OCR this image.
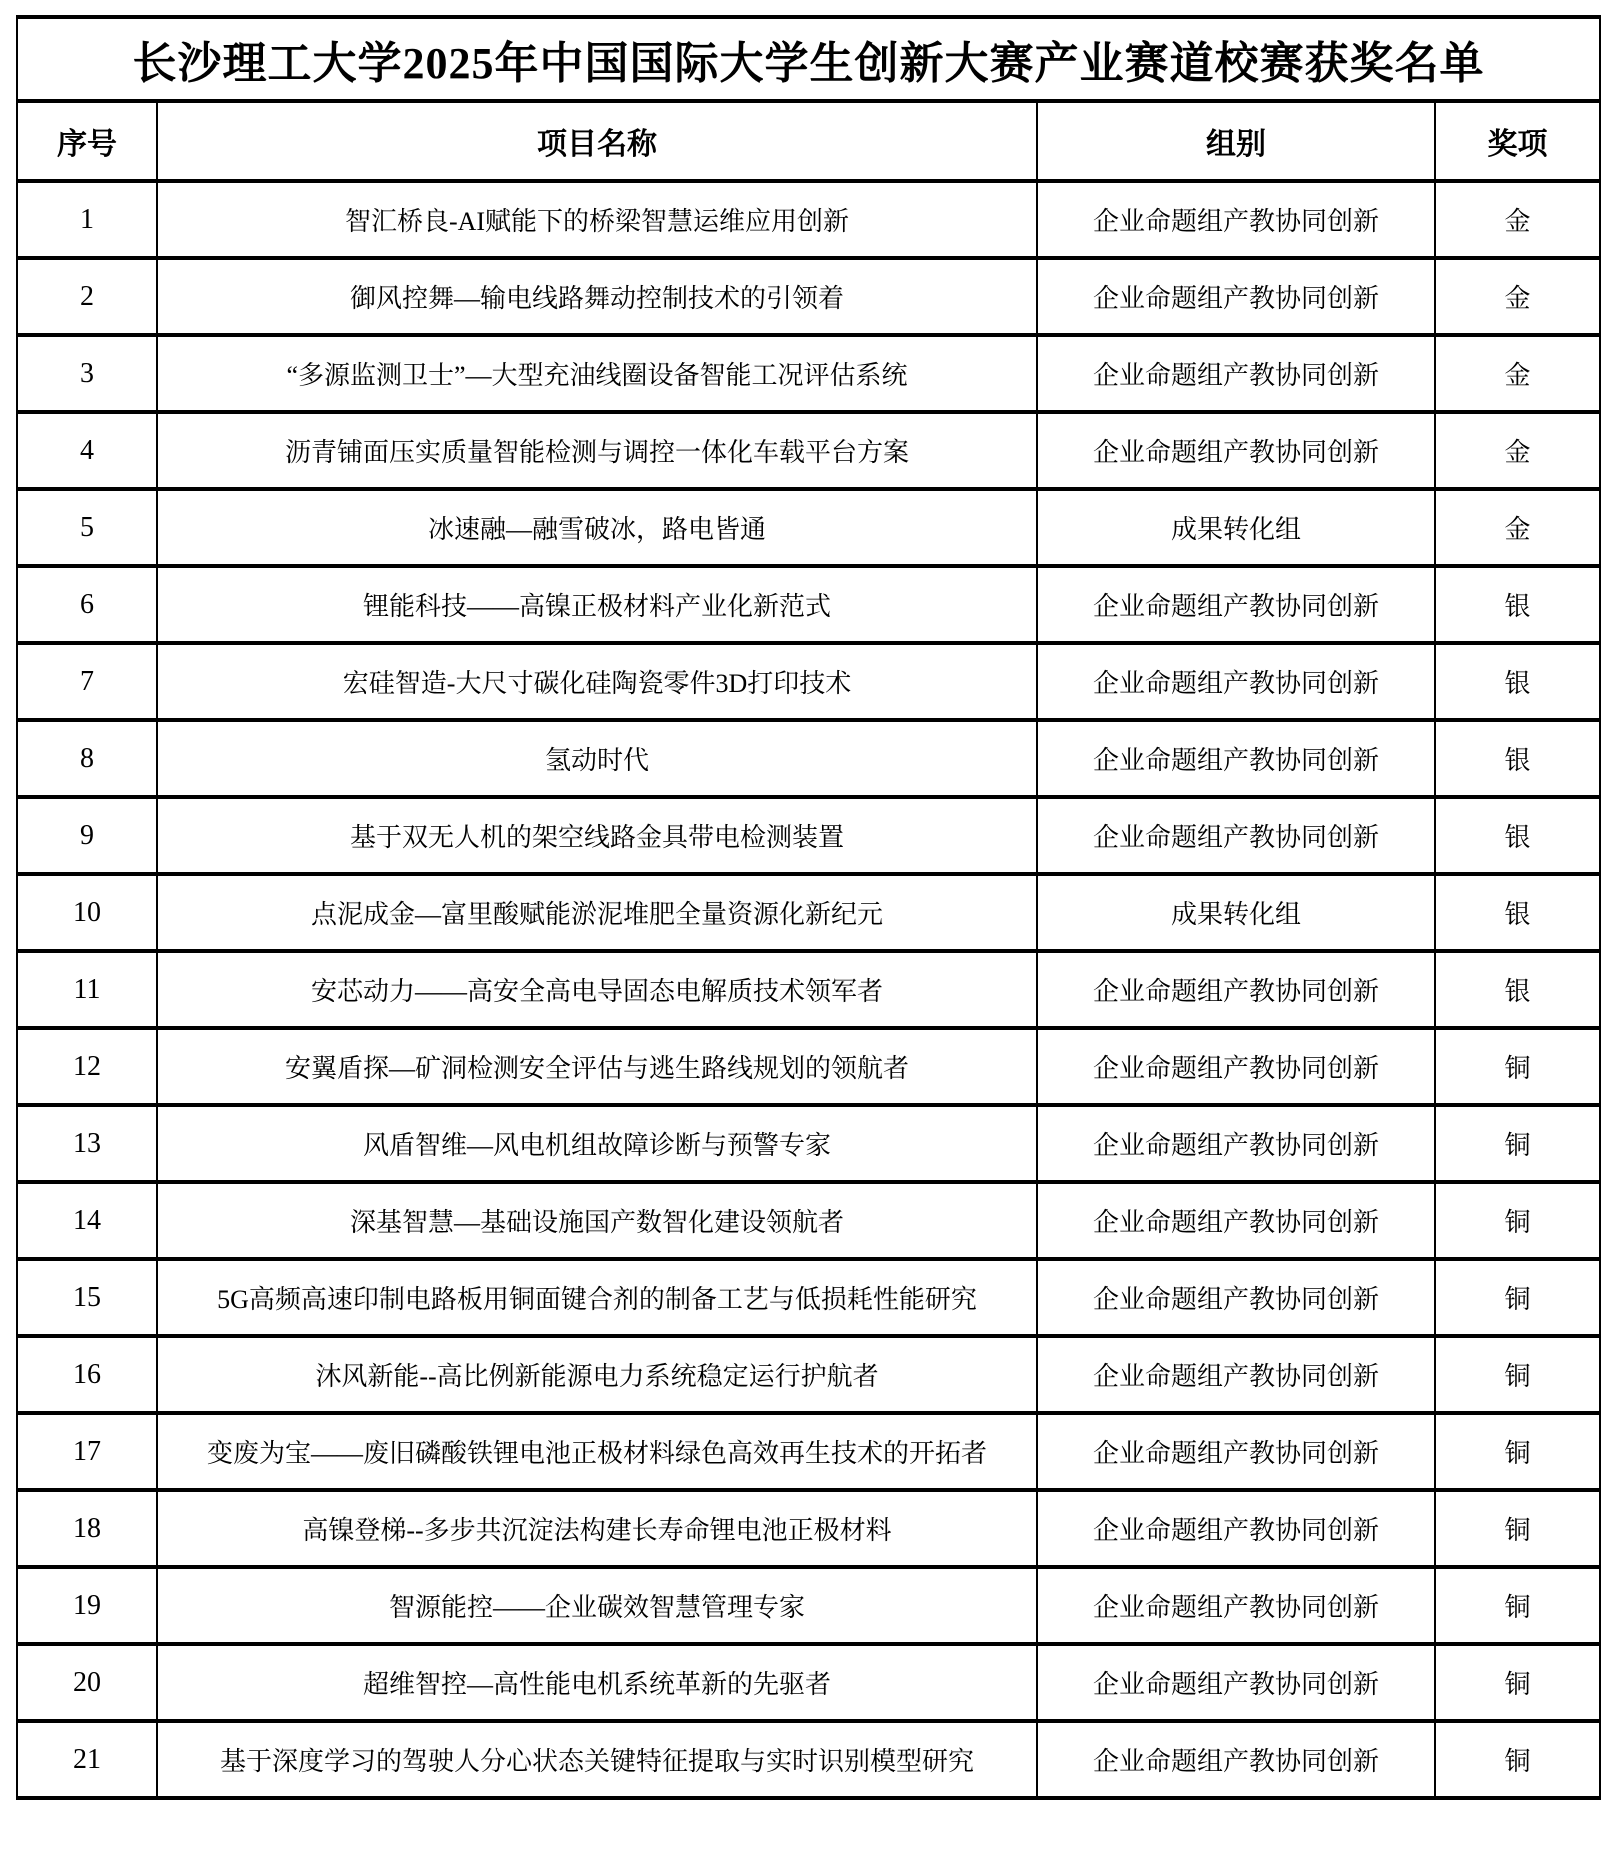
长沙理工大学2025年中国国际大学生创新大赛产业赛道校赛获奖名单			
序号	项目名称	组别	奖项
1	智汇桥良-AI赋能下的桥梁智慧运维应用创新	企业命题组产教协同创新	金
2	御风控舞—输电线路舞动控制技术的引领着	企业命题组产教协同创新	金
3	“多源监测卫士”—大型充油线圈设备智能工况评估系统	企业命题组产教协同创新	金
4	沥青铺面压实质量智能检测与调控一体化车载平台方案	企业命题组产教协同创新	金
5	冰速融—融雪破冰，路电皆通	成果转化组	金
6	锂能科技——高镍正极材料产业化新范式	企业命题组产教协同创新	银
7	宏硅智造-大尺寸碳化硅陶瓷零件3D打印技术	企业命题组产教协同创新	银
8	氢动时代	企业命题组产教协同创新	银
9	基于双无人机的架空线路金具带电检测装置	企业命题组产教协同创新	银
10	点泥成金—富里酸赋能淤泥堆肥全量资源化新纪元	成果转化组	银
11	安芯动力——高安全高电导固态电解质技术领军者	企业命题组产教协同创新	银
12	安翼盾探—矿洞检测安全评估与逃生路线规划的领航者	企业命题组产教协同创新	铜
13	风盾智维—风电机组故障诊断与预警专家	企业命题组产教协同创新	铜
14	深基智慧—基础设施国产数智化建设领航者	企业命题组产教协同创新	铜
15	5G高频高速印制电路板用铜面键合剂的制备工艺与低损耗性能研究	企业命题组产教协同创新	铜
16	沐风新能--高比例新能源电力系统稳定运行护航者	企业命题组产教协同创新	铜
17	变废为宝——废旧磷酸铁锂电池正极材料绿色高效再生技术的开拓者	企业命题组产教协同创新	铜
18	高镍登梯--多步共沉淀法构建长寿命锂电池正极材料	企业命题组产教协同创新	铜
19	智源能控——企业碳效智慧管理专家	企业命题组产教协同创新	铜
20	超维智控—高性能电机系统革新的先驱者	企业命题组产教协同创新	铜
21	基于深度学习的驾驶人分心状态关键特征提取与实时识别模型研究	企业命题组产教协同创新	铜
